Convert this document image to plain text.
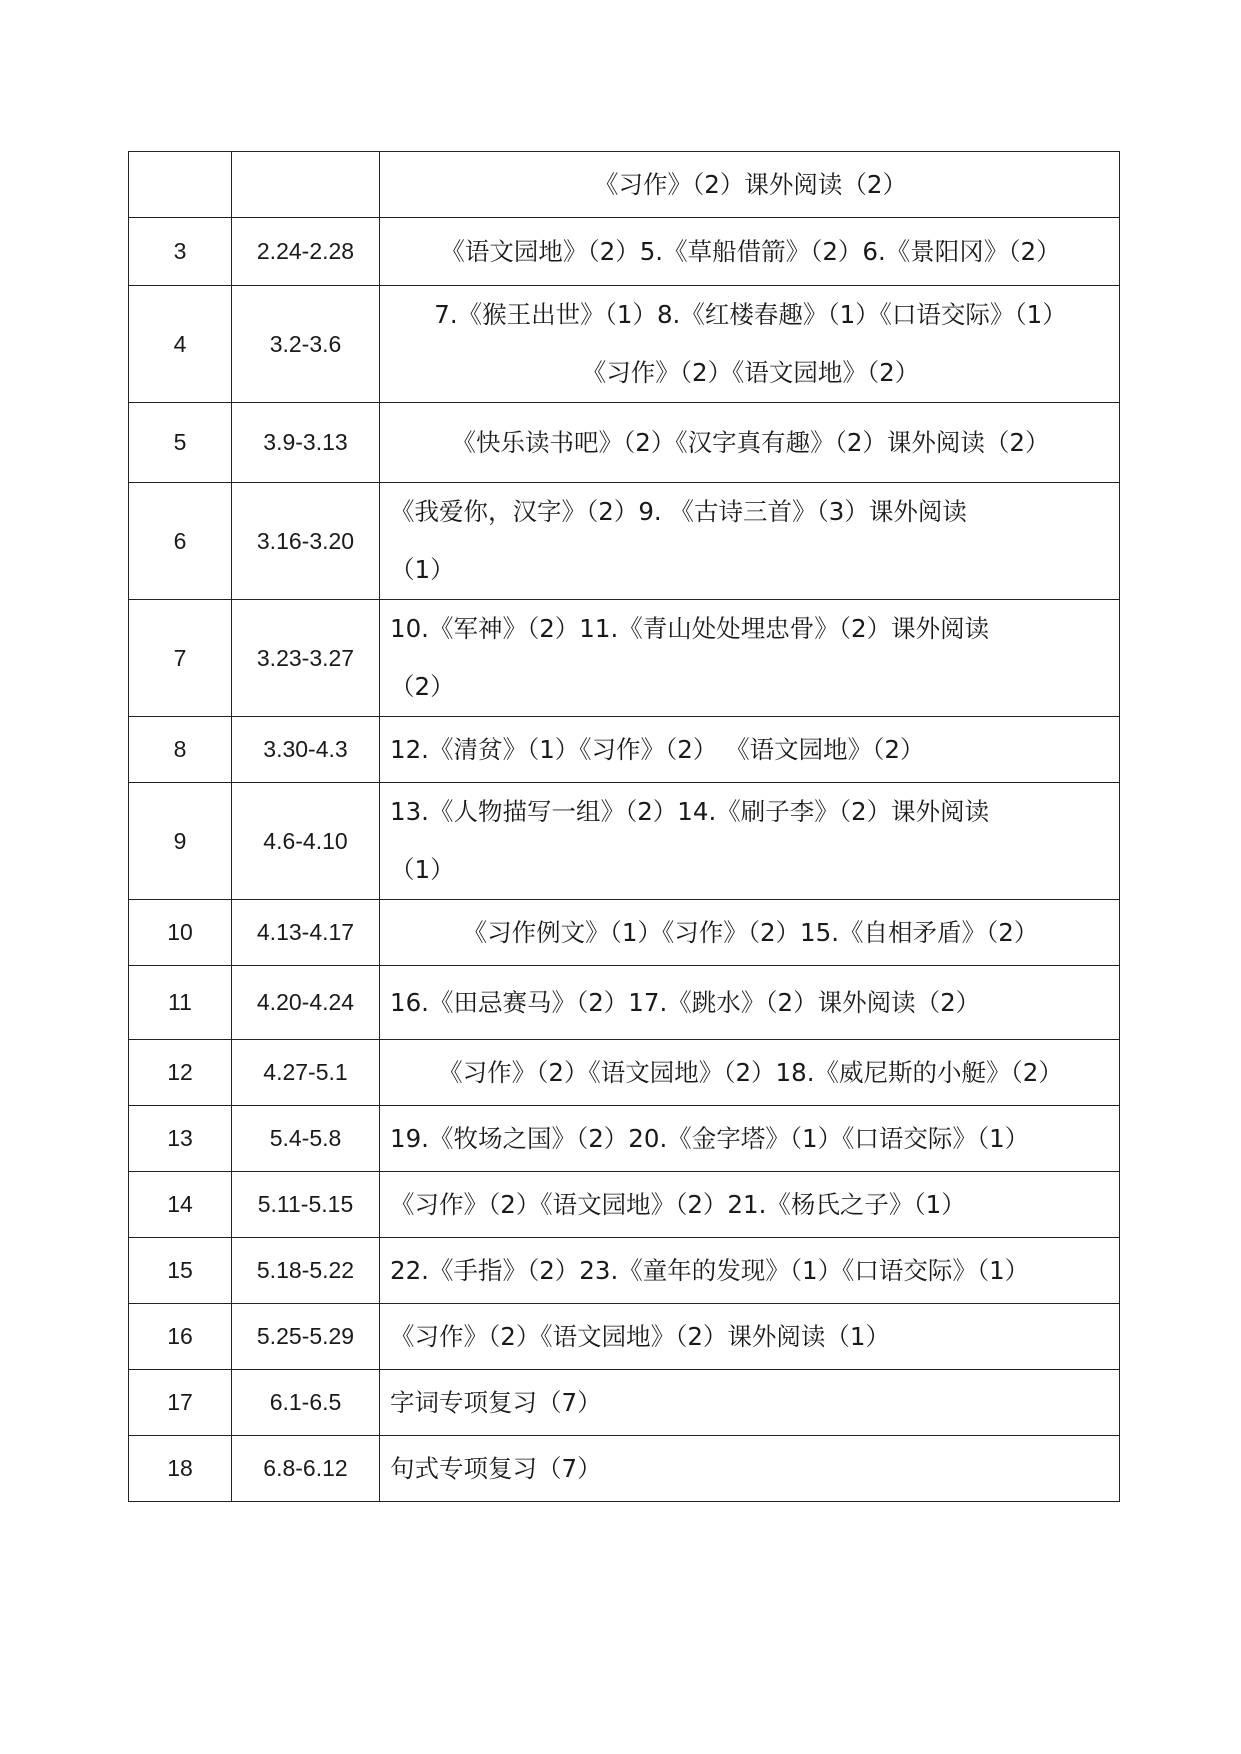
		《习作》（2）课外阅读（2）

3	2.24-2.28	《语文园地》（2）5.《草船借箭》（2）6.《景阳冈》（2）

4	3.2-3.6	7.《猴王出世》（1）8.《红楼春趣》（1）《口语交际》（1）
《习作》（2）《语文园地》（2）

5	3.9-3.13	《快乐读书吧》（2）《汉字真有趣》（2）课外阅读（2）

6	3.16-3.20	《我爱你，汉字》（2）9. 《古诗三首》（3）课外阅读
（1）

7	3.23-3.27	10.《军神》（2）11.《青山处处埋忠骨》（2）课外阅读
（2）

8	3.30-4.3	12.《清贫》（1）《习作》（2） 《语文园地》（2）

9	4.6-4.10	13.《人物描写一组》（2）14.《刷子李》（2）课外阅读
（1）

10	4.13-4.17	《习作例文》（1）《习作》（2）15.《自相矛盾》（2）

11	4.20-4.24	16.《田忌赛马》（2）17.《跳水》（2）课外阅读（2）

12	4.27-5.1	《习作》（2）《语文园地》（2）18.《威尼斯的小艇》（2）

13	5.4-5.8	19.《牧场之国》（2）20.《金字塔》（1）《口语交际》（1）

14	5.11-5.15	《习作》（2）《语文园地》（2）21.《杨氏之子》（1）

15	5.18-5.22	22.《手指》（2）23.《童年的发现》（1）《口语交际》（1）

16	5.25-5.29	《习作》（2）《语文园地》（2）课外阅读（1）

17	6.1-6.5	字词专项复习（7）

18	6.8-6.12	句式专项复习（7）
